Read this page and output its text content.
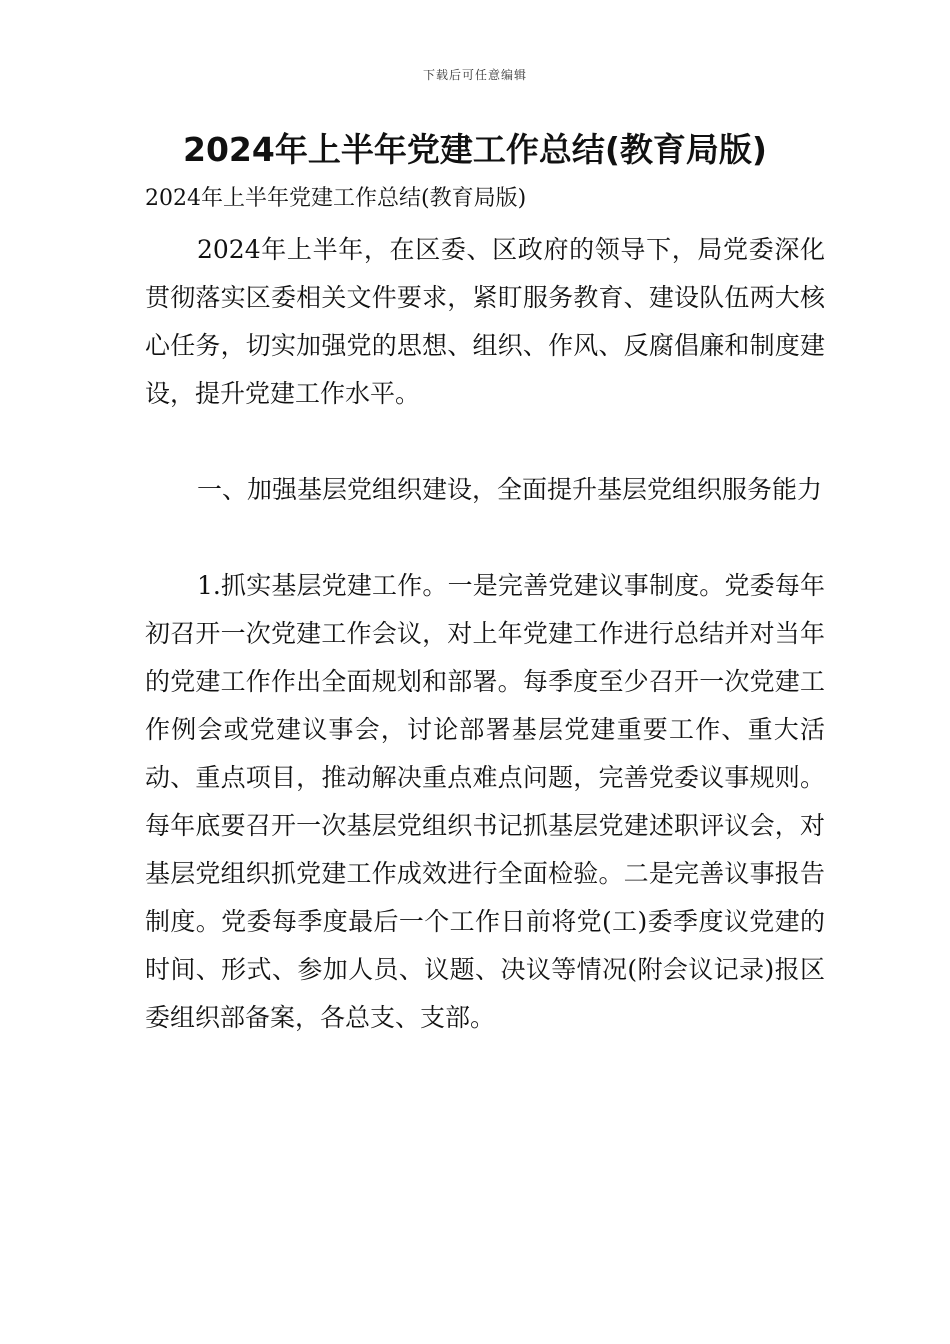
下载后可任意编辑
2024年上半年党建工作总结(教育局版)

2024年上半年党建工作总结(教育局版)

2024年上半年，在区委、区政府的领导下，局党委深化贯彻落实区委相关文件要求，紧盯服务教育、建设队伍两大核心任务，切实加强党的思想、组织、作风、反腐倡廉和制度建设，提升党建工作水平。

一、加强基层党组织建设，全面提升基层党组织服务能力

1.抓实基层党建工作。一是完善党建议事制度。党委每年初召开一次党建工作会议，对上年党建工作进行总结并对当年的党建工作作出全面规划和部署。每季度至少召开一次党建工作例会或党建议事会，讨论部署基层党建重要工作、重大活动、重点项目，推动解决重点难点问题，完善党委议事规则。每年底要召开一次基层党组织书记抓基层党建述职评议会，对基层党组织抓党建工作成效进行全面检验。二是完善议事报告制度。党委每季度最后一个工作日前将党(工)委季度议党建的时间、形式、参加人员、议题、决议等情况(附会议记录)报区委组织部备案，各总支、支部。
